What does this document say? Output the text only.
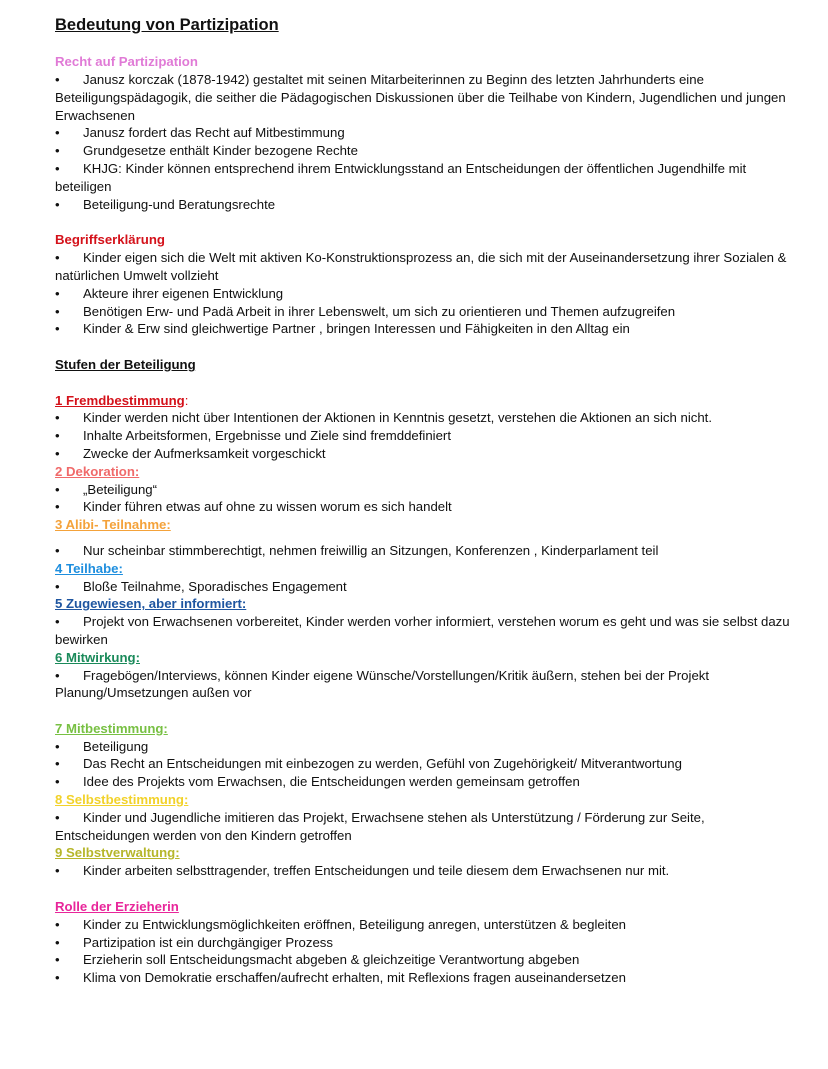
Bedeutung von Partizipation
Recht auf Partizipation
• Janusz korczak (1878-1942) gestaltet mit seinen Mitarbeiterinnen zu Beginn des letzten Jahrhunderts eine Beteiligungspädagogik, die seither die Pädagogischen Diskussionen über die Teilhabe von Kindern, Jugendlichen und jungen Erwachsenen
•	Janusz fordert das Recht auf Mitbestimmung
•	Grundgesetze enthält Kinder bezogene Rechte
• KHJG: Kinder können entsprechend ihrem Entwicklungsstand an Entscheidungen der öffentlichen Jugendhilfe mit beteiligen
•	Beteiligung-und Beratungsrechte
Begriffserklärung
• Kinder eigen sich die Welt mit aktiven Ko-Konstruktionsprozess an, die sich mit der Auseinandersetzung ihrer Sozialen & natürlichen Umwelt vollzieht
•	Akteure ihrer eigenen Entwicklung
•	Benötigen Erw- und Padä Arbeit in ihrer Lebenswelt, um sich zu orientieren und Themen aufzugreifen
•	Kinder & Erw sind gleichwertige Partner , bringen Interessen und Fähigkeiten in den Alltag ein
Stufen der Beteiligung
1 Fremdbestimmung:
• Kinder werden nicht über Intentionen der Aktionen in Kenntnis gesetzt, verstehen die Aktionen an sich nicht.
•	Inhalte Arbeitsformen, Ergebnisse und Ziele sind fremddefiniert
•	Zwecke der Aufmerksamkeit vorgeschickt
2 Dekoration:
•	„Beteiligung“
•	Kinder führen etwas auf ohne zu wissen worum es sich handelt
3 Alibi- Teilnahme:
•	Nur scheinbar stimmberechtigt, nehmen freiwillig an Sitzungen, Konferenzen , Kinderparlament teil
4 Teilhabe:
•	Bloße Teilnahme, Sporadisches Engagement
5 Zugewiesen, aber informiert:
• Projekt von Erwachsenen vorbereitet, Kinder werden vorher informiert, verstehen worum es geht und was sie selbst dazu bewirken
6 Mitwirkung:
• Fragebögen/Interviews, können Kinder eigene Wünsche/Vorstellungen/Kritik äußern, stehen bei der Projekt Planung/Umsetzungen außen vor
7 Mitbestimmung:
•	Beteiligung
•	Das Recht an Entscheidungen mit einbezogen zu werden, Gefühl von Zugehörigkeit/ Mitverantwortung
•	Idee des Projekts vom Erwachsen, die Entscheidungen werden gemeinsam getroffen
8 Selbstbestimmung:
• Kinder und Jugendliche imitieren das Projekt, Erwachsene stehen als Unterstützung / Förderung zur Seite, Entscheidungen werden von den Kindern getroffen
9 Selbstverwaltung:
•	Kinder arbeiten selbsttragender, treffen Entscheidungen und teile diesem dem Erwachsenen nur mit.
Rolle der Erzieherin
•	Kinder zu Entwicklungsmöglichkeiten eröffnen, Beteiligung anregen, unterstützen & begleiten
•	Partizipation ist ein durchgängiger Prozess
•	Erzieherin soll Entscheidungsmacht abgeben & gleichzeitige Verantwortung abgeben
•	Klima von Demokratie erschaffen/aufrecht erhalten, mit Reflexions fragen auseinandersetzen
